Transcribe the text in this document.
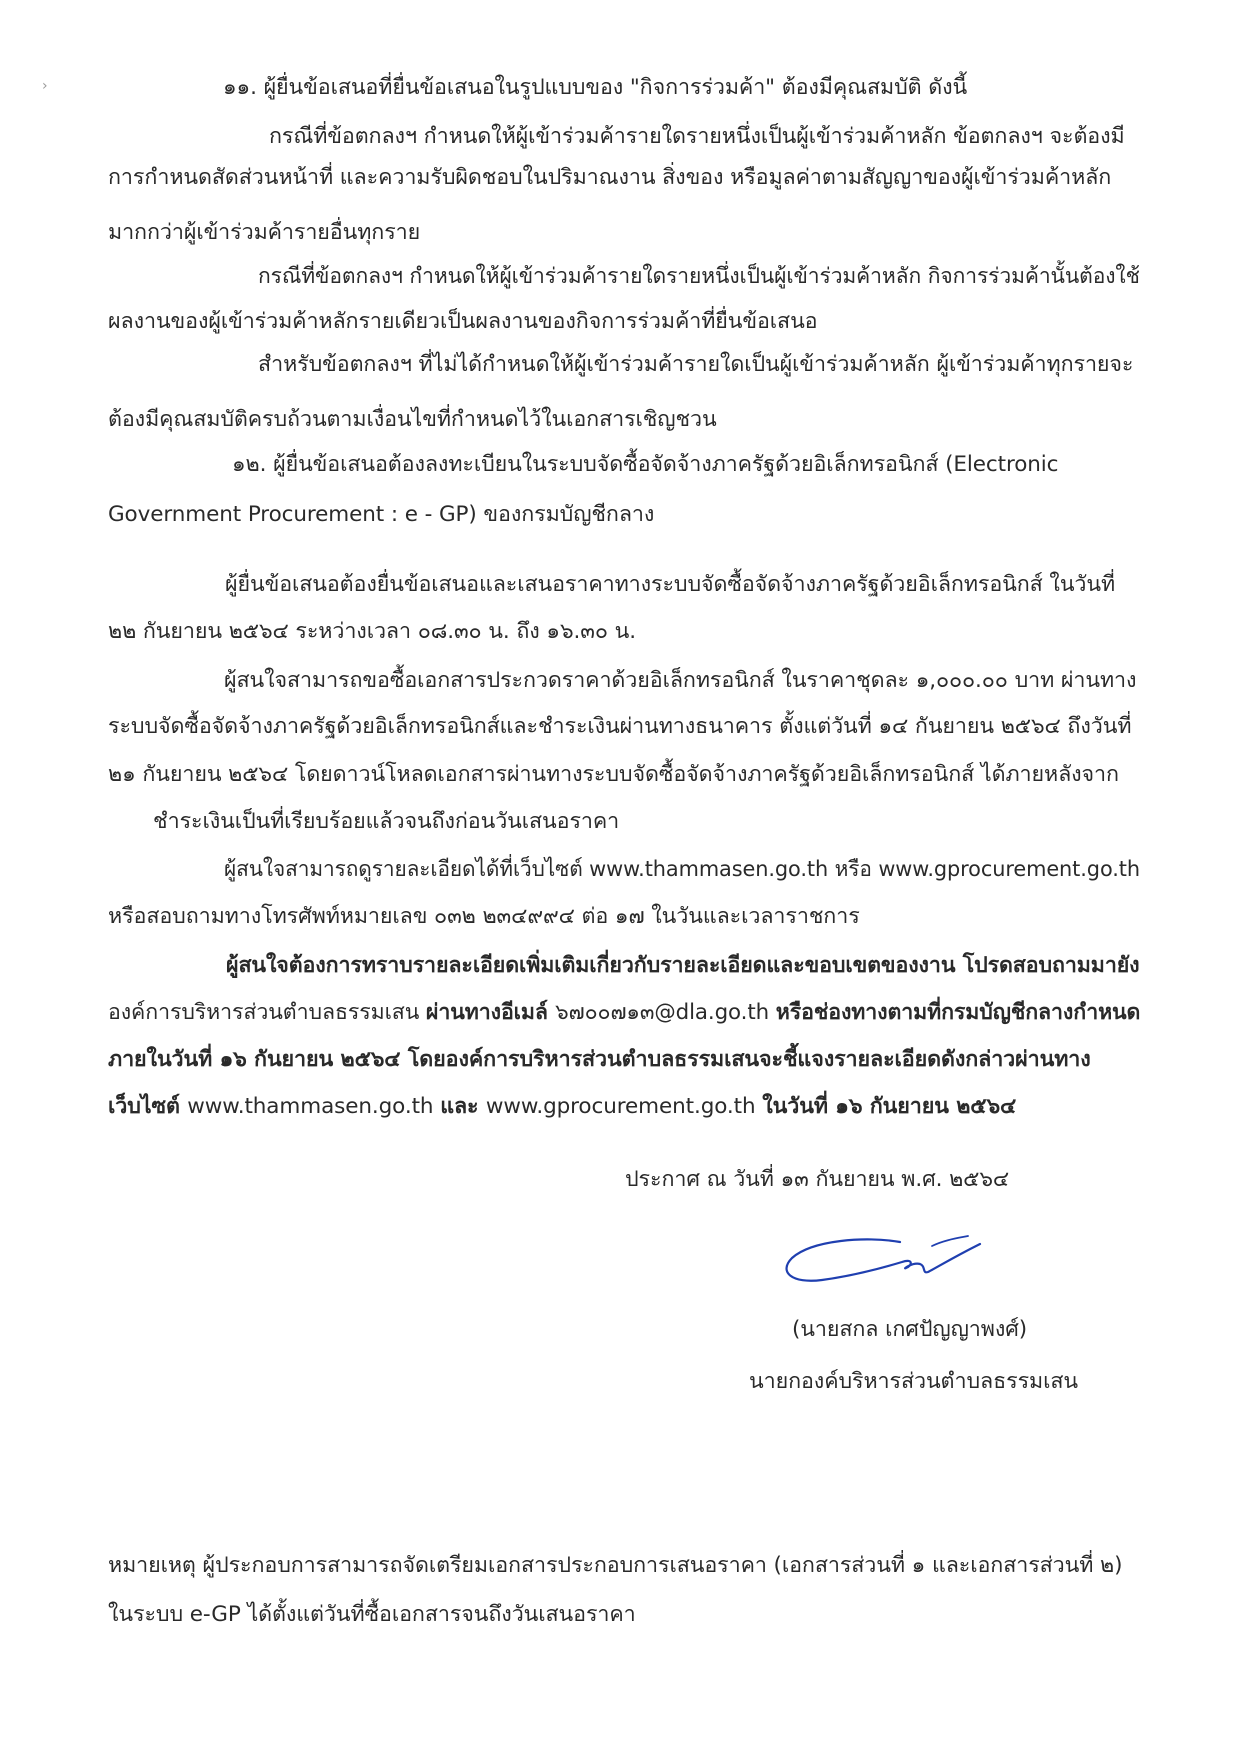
›	๑๑. ผู้ยื่นข้อเสนอที่ยื่นข้อเสนอในรูปแบบของ "กิจการร่วมค้า" ต้องมีคุณสมบัติ ดังนี้
กรณีที่ข้อตกลงฯ กำหนดให้ผู้เข้าร่วมค้ารายใดรายหนึ่งเป็นผู้เข้าร่วมค้าหลัก ข้อตกลงฯ จะต้องมี
การกำหนดสัดส่วนหน้าที่ และความรับผิดชอบในปริมาณงาน สิ่งของ หรือมูลค่าตามสัญญาของผู้เข้าร่วมค้าหลัก
มากกว่าผู้เข้าร่วมค้ารายอื่นทุกราย
กรณีที่ข้อตกลงฯ กำหนดให้ผู้เข้าร่วมค้ารายใดรายหนึ่งเป็นผู้เข้าร่วมค้าหลัก กิจการร่วมค้านั้นต้องใช้
ผลงานของผู้เข้าร่วมค้าหลักรายเดียวเป็นผลงานของกิจการร่วมค้าที่ยื่นข้อเสนอ
สำหรับข้อตกลงฯ ที่ไม่ได้กำหนดให้ผู้เข้าร่วมค้ารายใดเป็นผู้เข้าร่วมค้าหลัก ผู้เข้าร่วมค้าทุกรายจะ
ต้องมีคุณสมบัติครบถ้วนตามเงื่อนไขที่กำหนดไว้ในเอกสารเชิญชวน
๑๒. ผู้ยื่นข้อเสนอต้องลงทะเบียนในระบบจัดซื้อจัดจ้างภาครัฐด้วยอิเล็กทรอนิกส์ (Electronic
Government Procurement : e - GP) ของกรมบัญชีกลาง
ผู้ยื่นข้อเสนอต้องยื่นข้อเสนอและเสนอราคาทางระบบจัดซื้อจัดจ้างภาครัฐด้วยอิเล็กทรอนิกส์ ในวันที่
๒๒ กันยายน ๒๕๖๔ ระหว่างเวลา ๐๘.๓๐ น. ถึง ๑๖.๓๐ น.
ผู้สนใจสามารถขอซื้อเอกสารประกวดราคาด้วยอิเล็กทรอนิกส์ ในราคาชุดละ ๑,๐๐๐.๐๐ บาท ผ่านทาง
ระบบจัดซื้อจัดจ้างภาครัฐด้วยอิเล็กทรอนิกส์และชำระเงินผ่านทางธนาคาร ตั้งแต่วันที่ ๑๔ กันยายน ๒๕๖๔ ถึงวันที่
๒๑ กันยายน ๒๕๖๔ โดยดาวน์โหลดเอกสารผ่านทางระบบจัดซื้อจัดจ้างภาครัฐด้วยอิเล็กทรอนิกส์ ได้ภายหลังจาก
ชำระเงินเป็นที่เรียบร้อยแล้วจนถึงก่อนวันเสนอราคา
ผู้สนใจสามารถดูรายละเอียดได้ที่เว็บไซต์ www.thammasen.go.th หรือ www.gprocurement.go.th
หรือสอบถามทางโทรศัพท์หมายเลข ๐๓๒ ๒๓๔๙๙๔ ต่อ ๑๗ ในวันและเวลาราชการ
ผู้สนใจต้องการทราบรายละเอียดเพิ่มเติมเกี่ยวกับรายละเอียดและขอบเขตของงาน โปรดสอบถามมายัง
องค์การบริหารส่วนตำบลธรรมเสน ผ่านทางอีเมล์ ๖๗๐๐๗๑๓@dla.go.th หรือช่องทางตามที่กรมบัญชีกลางกำหนด
ภายในวันที่ ๑๖ กันยายน ๒๕๖๔ โดยองค์การบริหารส่วนตำบลธรรมเสนจะชี้แจงรายละเอียดดังกล่าวผ่านทาง
เว็บไซต์ www.thammasen.go.th และ www.gprocurement.go.th ในวันที่ ๑๖ กันยายน ๒๕๖๔
ประกาศ ณ วันที่ ๑๓ กันยายน พ.ศ. ๒๕๖๔
(นายสกล เกศปัญญาพงศ์)
นายกองค์บริหารส่วนตำบลธรรมเสน
หมายเหตุ ผู้ประกอบการสามารถจัดเตรียมเอกสารประกอบการเสนอราคา (เอกสารส่วนที่ ๑ และเอกสารส่วนที่ ๒)
ในระบบ e-GP ได้ตั้งแต่วันที่ซื้อเอกสารจนถึงวันเสนอราคา
